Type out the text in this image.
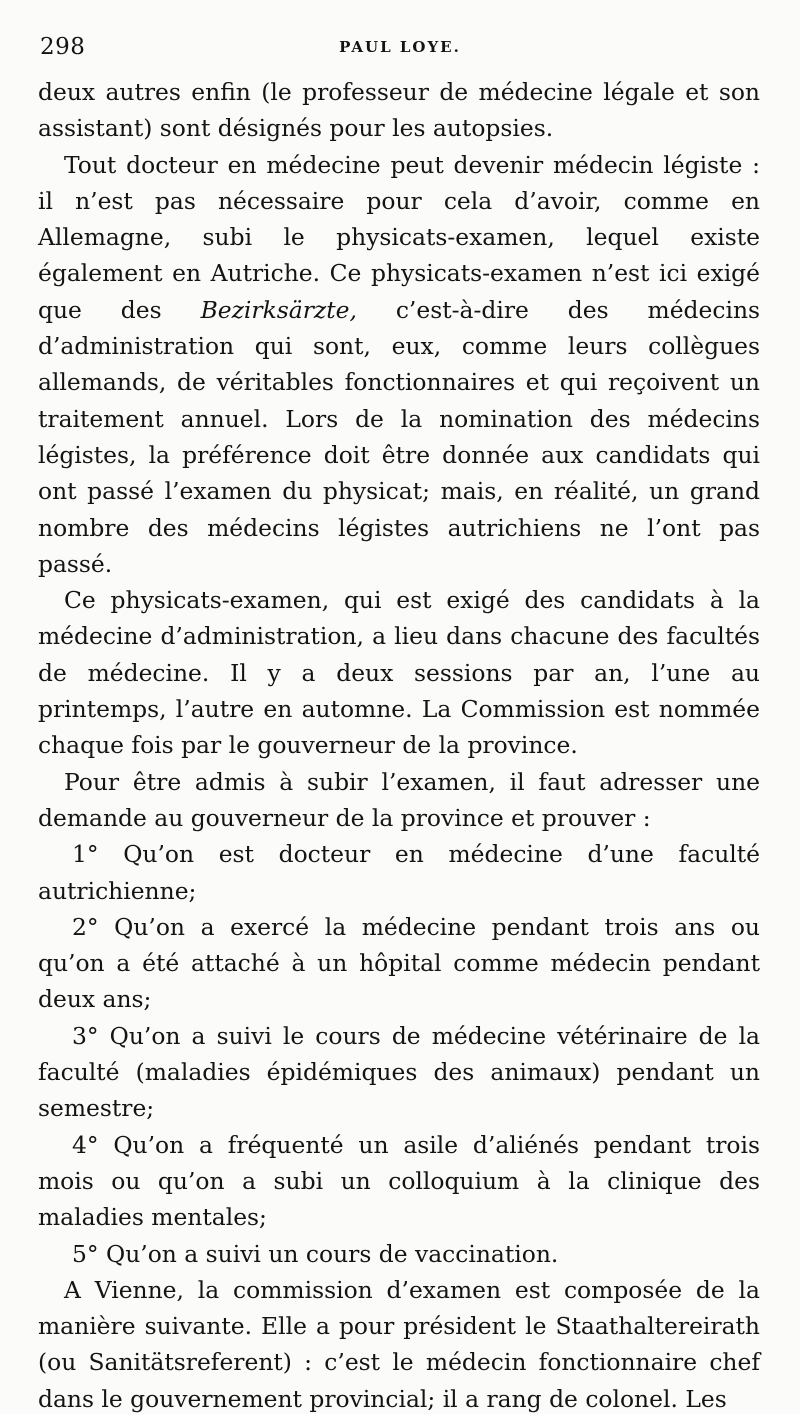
298	PAUL LOYE.

deux autres enfin (le professeur de médecine légale et son assistant) sont désignés pour les autopsies.

Tout docteur en médecine peut devenir médecin légiste : il n’est pas nécessaire pour cela d’avoir, comme en Allemagne, subi le physicats-examen, lequel existe également en Autriche. Ce physicats-examen n’est ici exigé que des Bezirksärzte, c’est-à-dire des médecins d’administration qui sont, eux, comme leurs collègues allemands, de véritables fonctionnaires et qui reçoivent un traitement annuel. Lors de la nomination des médecins légistes, la préférence doit être donnée aux candidats qui ont passé l’examen du physicat; mais, en réalité, un grand nombre des médecins légistes autrichiens ne l’ont pas passé.

Ce physicats-examen, qui est exigé des candidats à la médecine d’administration, a lieu dans chacune des facultés de médecine. Il y a deux sessions par an, l’une au printemps, l’autre en automne. La Commission est nommée chaque fois par le gouverneur de la province.

Pour être admis à subir l’examen, il faut adresser une demande au gouverneur de la province et prouver :

1° Qu’on est docteur en médecine d’une faculté autrichienne;

2° Qu’on a exercé la médecine pendant trois ans ou qu’on a été attaché à un hôpital comme médecin pendant deux ans;

3° Qu’on a suivi le cours de médecine vétérinaire de la faculté (maladies épidémiques des animaux) pendant un semestre;

4° Qu’on a fréquenté un asile d’aliénés pendant trois mois ou qu’on a subi un colloquium à la clinique des maladies mentales;

5° Qu’on a suivi un cours de vaccination.

A Vienne, la commission d’examen est composée de la manière suivante. Elle a pour président le Staathaltereirath (ou Sanitätsreferent) : c’est le médecin fonctionnaire chef dans le gouvernement provincial; il a rang de colonel. Les
